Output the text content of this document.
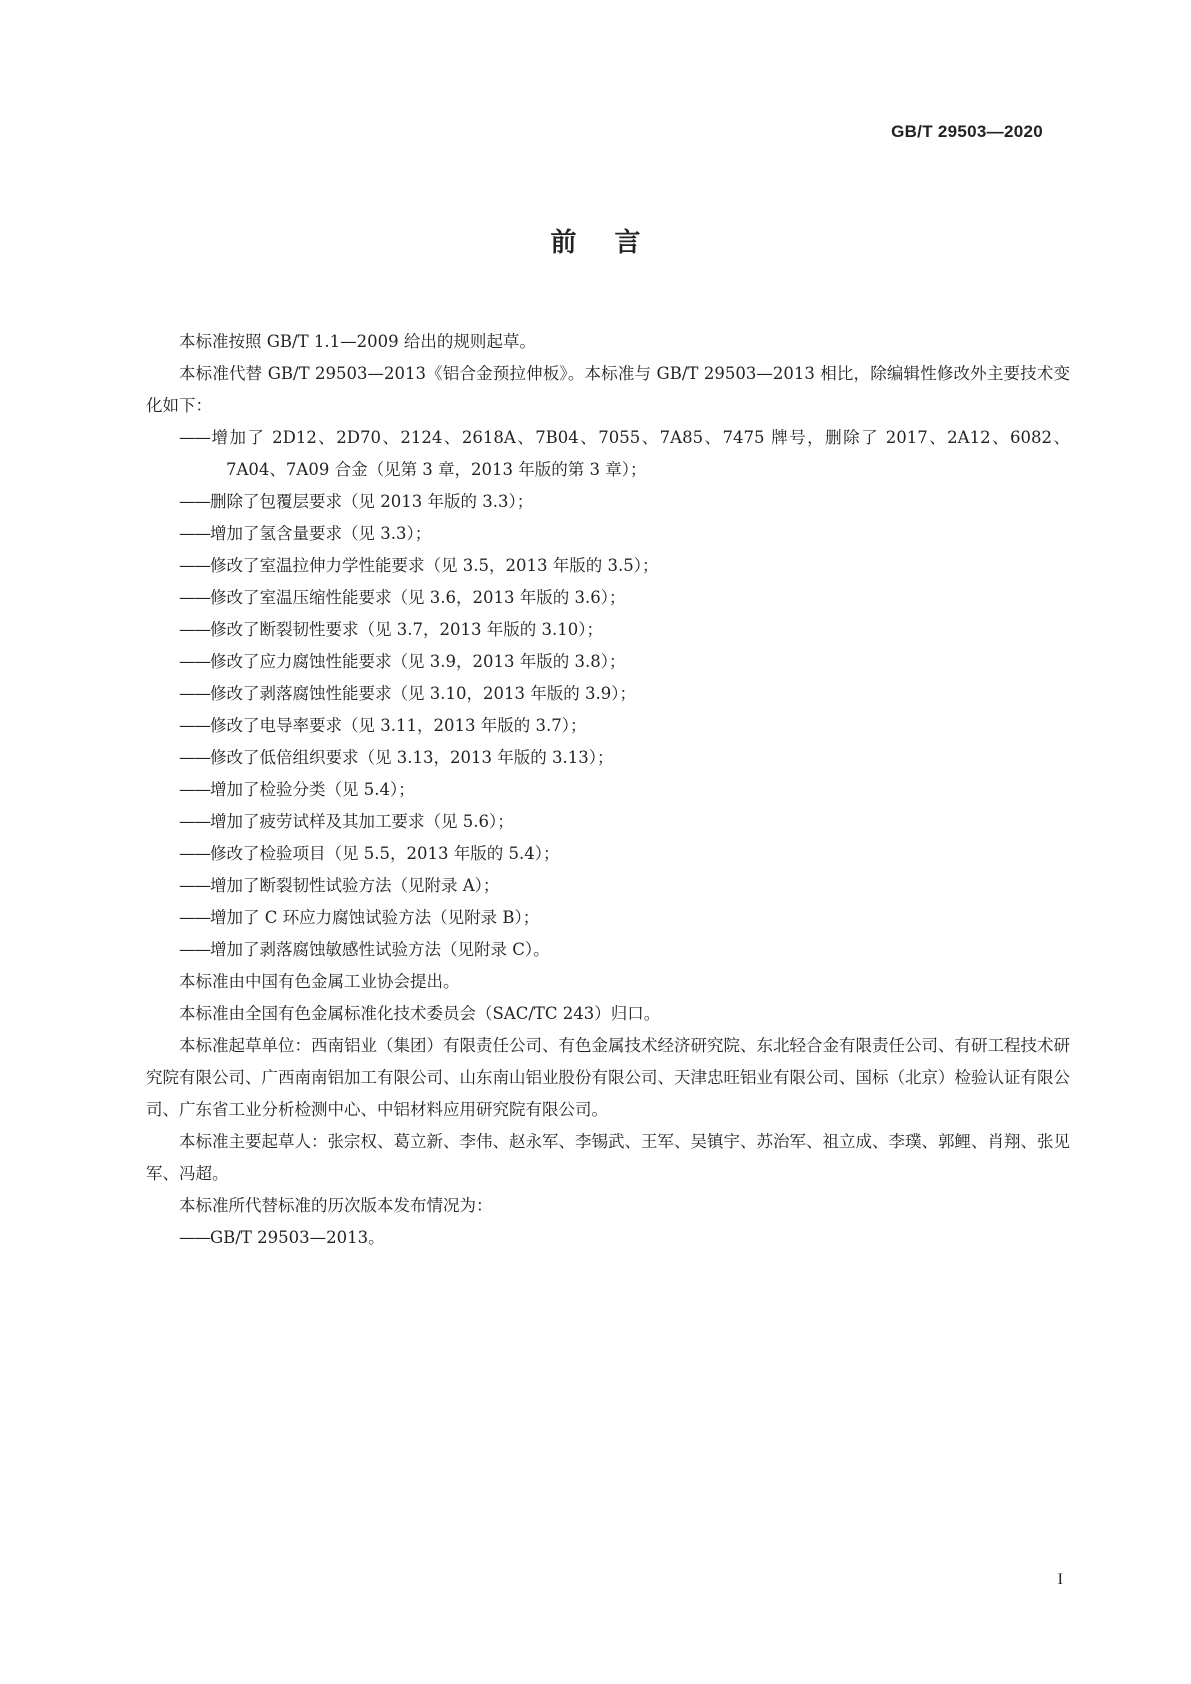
GB/T 29503—2020
前言
本标准按照 GB/T 1.1—2009 给出的规则起草。
本标准代替 GB/T 29503—2013《铝合金预拉伸板》。本标准与 GB/T 29503—2013 相比，除编辑性修改外主要技术变化如下：
——增加了 2D12、2D70、2124、2618A、7B04、7055、7A85、7475 牌号，删除了 2017、2A12、6082、7A04、7A09 合金（见第 3 章，2013 年版的第 3 章）；
——删除了包覆层要求（见 2013 年版的 3.3）；
——增加了氢含量要求（见 3.3）；
——修改了室温拉伸力学性能要求（见 3.5，2013 年版的 3.5）；
——修改了室温压缩性能要求（见 3.6，2013 年版的 3.6）；
——修改了断裂韧性要求（见 3.7，2013 年版的 3.10）；
——修改了应力腐蚀性能要求（见 3.9，2013 年版的 3.8）；
——修改了剥落腐蚀性能要求（见 3.10，2013 年版的 3.9）；
——修改了电导率要求（见 3.11，2013 年版的 3.7）；
——修改了低倍组织要求（见 3.13，2013 年版的 3.13）；
——增加了检验分类（见 5.4）；
——增加了疲劳试样及其加工要求（见 5.6）；
——修改了检验项目（见 5.5，2013 年版的 5.4）；
——增加了断裂韧性试验方法（见附录 A）；
——增加了 C 环应力腐蚀试验方法（见附录 B）；
——增加了剥落腐蚀敏感性试验方法（见附录 C）。
本标准由中国有色金属工业协会提出。
本标准由全国有色金属标准化技术委员会（SAC/TC 243）归口。
本标准起草单位：西南铝业（集团）有限责任公司、有色金属技术经济研究院、东北轻合金有限责任公司、有研工程技术研究院有限公司、广西南南铝加工有限公司、山东南山铝业股份有限公司、天津忠旺铝业有限公司、国标（北京）检验认证有限公司、广东省工业分析检测中心、中铝材料应用研究院有限公司。
本标准主要起草人：张宗权、葛立新、李伟、赵永军、李锡武、王军、吴镇宇、苏治军、祖立成、李璞、郭鲤、肖翔、张见军、冯超。
本标准所代替标准的历次版本发布情况为：
——GB/T 29503—2013。
I
